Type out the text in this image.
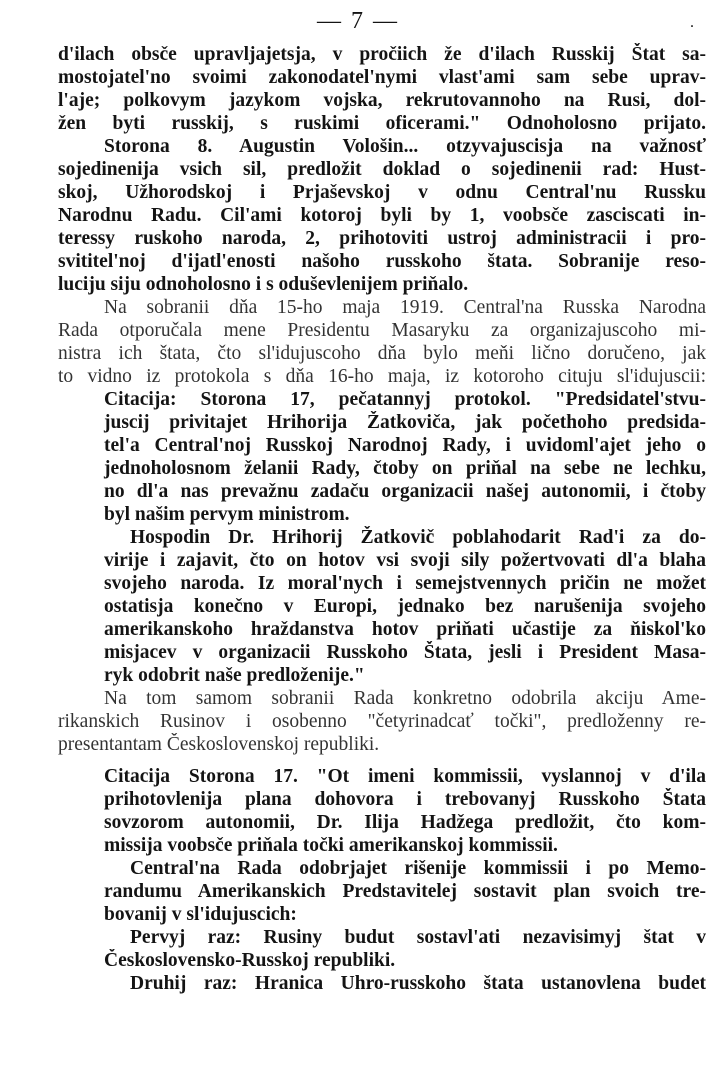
— 7 —	.
d'ilach obsče upravljajetsja, v pročiich že d'ilach Russkij Štat sa-
mostojatel'no svoimi zakonodatel'nymi vlast'ami sam sebe uprav-
l'aje; polkovym jazykom vojska, rekrutovannoho na Rusi, dol-
žen byti russkij, s ruskimi oficerami." Odnoholosno prijato.
Storona 8. Augustin Vološin... otzyvajuscisja na važnosť
sojedinenija vsich sil, predložit doklad o sojedinenii rad: Hust-
skoj, Užhorodskoj i Prjaševskoj v odnu Central'nu Russku
Narodnu Radu. Cil'ami kotoroj byli by 1, voobsče zasciscati in-
teressy ruskoho naroda, 2, prihotoviti ustroj administracii i pro-
svititel'noj d'ijatl'enosti našoho russkoho štata. Sobranije reso-
luciju siju odnoholosno i s oduševlenijem priňalo.
Na sobranii dňa 15-ho maja 1919. Central'na Russka Narodna
Rada otporučala mene Presidentu Masaryku za organizajuscoho mi-
nistra ich štata, čto sl'idujuscoho dňa bylo meňi lično doručeno, jak
to vidno iz protokola s dňa 16-ho maja, iz kotoroho cituju sl'idujuscii:
Citacija: Storona 17, pečatannyj protokol. "Predsidatel'stvu-
juscij privitajet Hrihorija Žatkoviča, jak počethoho predsida-
tel'a Central'noj Russkoj Narodnoj Rady, i uvidoml'ajet jeho o
jednoholosnom želanii Rady, čtoby on priňal na sebe ne lechku,
no dl'a nas prevažnu zadaču organizacii našej autonomii, i čtoby
byl našim pervym ministrom.
Hospodin Dr. Hrihorij Žatkovič poblahodarit Rad'i za do-
virije i zajavit, čto on hotov vsi svoji sily požertvovati dl'a blaha
svojeho naroda. Iz moral'nych i semejstvennych pričin ne možet
ostatisja konečno v Europi, jednako bez narušenija svojeho
amerikanskoho hraždanstva hotov priňati učastije za ňiskol'ko
misjacev v organizacii Russkoho Štata, jesli i President Masa-
ryk odobrit naše predloženije."
Na tom samom sobranii Rada konkretno odobrila akciju Ame-
rikanskich Rusinov i osobenno "četyrinadcať točki", predloženny re-
presentantam Československoj republiki.
Citacija Storona 17. "Ot imeni kommissii, vyslannoj v d'ila
prihotovlenija plana dohovora i trebovanyj Russkoho Štata
sovzorom autonomii, Dr. Ilija Hadžega predložit, čto kom-
missija voobsče priňala točki amerikanskoj kommissii.
Central'na Rada odobrjajet rišenije kommissii i po Memo-
randumu Amerikanskich Predstavitelej sostavit plan svoich tre-
bovanij v sl'idujuscich:
Pervyj raz: Rusiny budut sostavl'ati nezavisimyj štat v
Československo-Russkoj republiki.
Druhij raz: Hranica Uhro-russkoho štata ustanovlena budet
